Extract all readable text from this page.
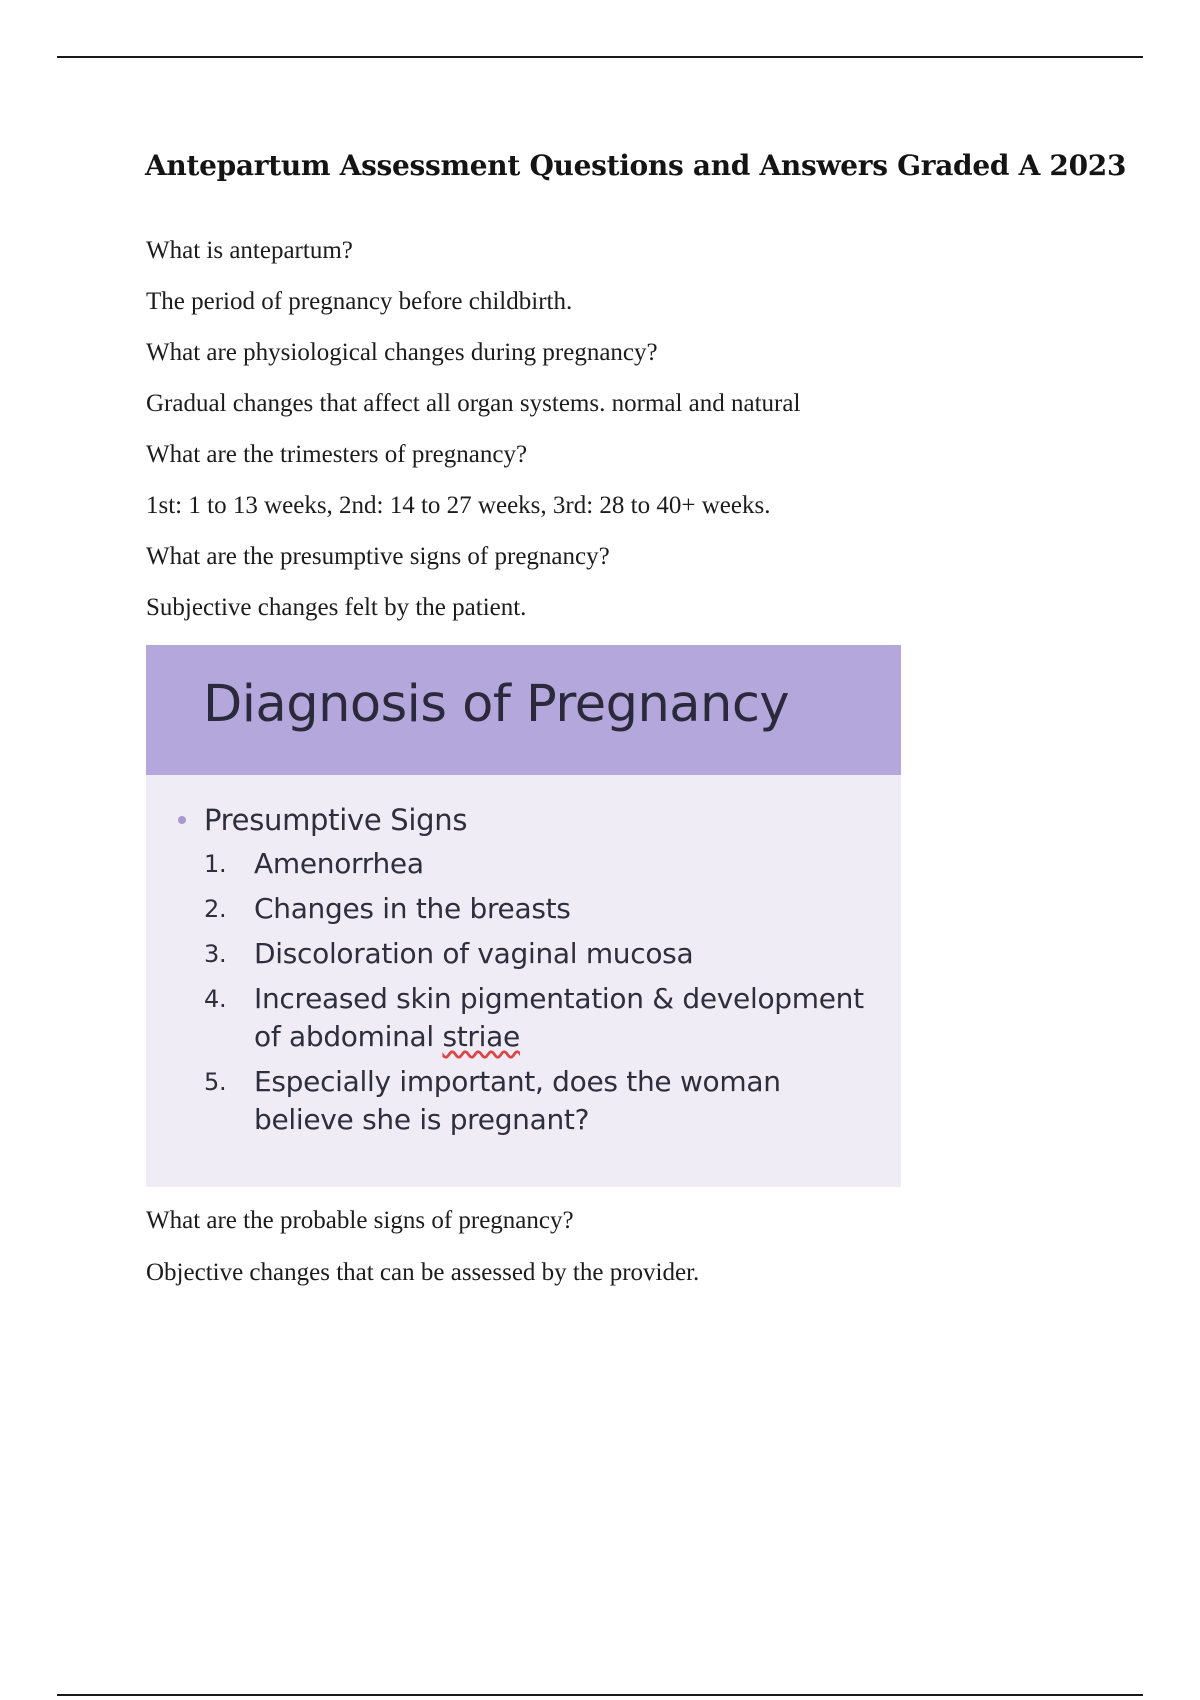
Antepartum Assessment Questions and Answers Graded A 2023

What is antepartum?

The period of pregnancy before childbirth.

What are physiological changes during pregnancy?

Gradual changes that affect all organ systems. normal and natural

What are the trimesters of pregnancy?

1st: 1 to 13 weeks, 2nd: 14 to 27 weeks, 3rd: 28 to 40+ weeks.

What are the presumptive signs of pregnancy?

Subjective changes felt by the patient.

Diagnosis of Pregnancy
Presumptive Signs
1. Amenorrhea
2. Changes in the breasts
3. Discoloration of vaginal mucosa
4. Increased skin pigmentation & development of abdominal striae
5. Especially important, does the woman believe she is pregnant?

What are the probable signs of pregnancy?

Objective changes that can be assessed by the provider.
